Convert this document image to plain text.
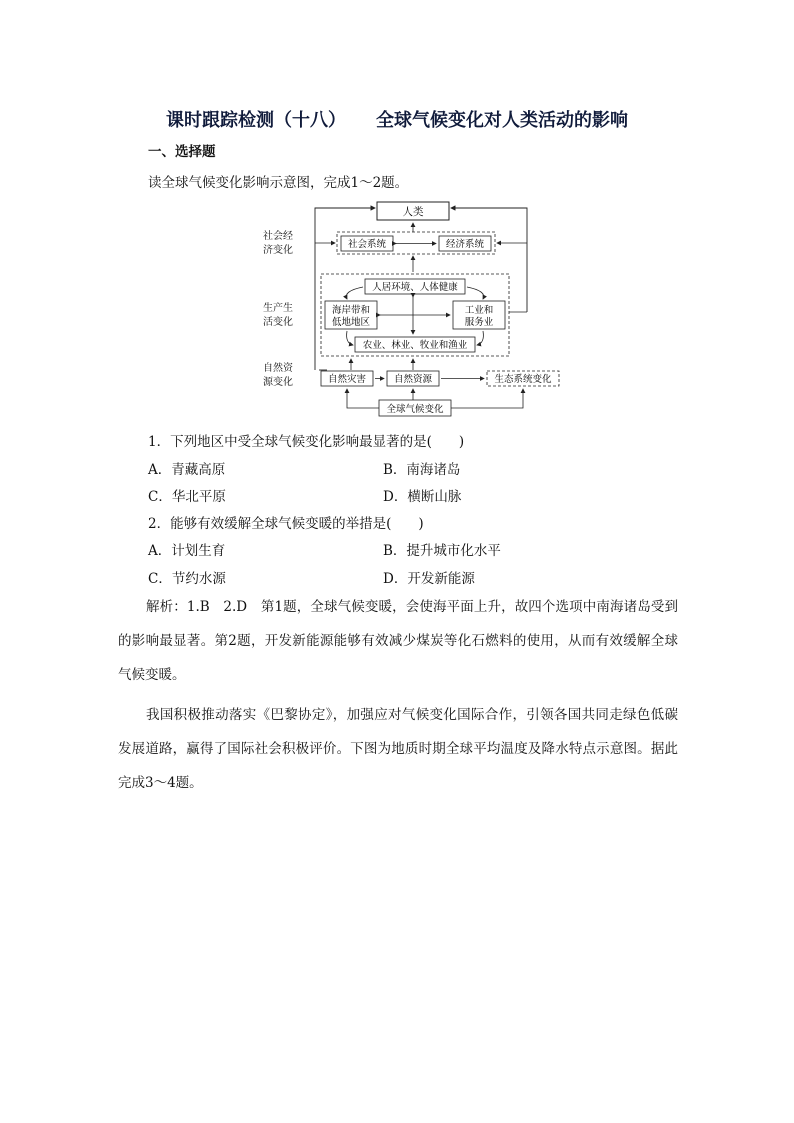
课时跟踪检测（十八） 全球气候变化对人类活动的影响
一、选择题
读全球气候变化影响示意图，完成1～2题。
社会经
济变化
生产生
活变化
自然资
源变化
人类
社会系统	经济系统
人居环境、人体健康
海岸带和
低地地区
工业和
服务业
农业、林业、牧业和渔业
自然灾害	自然资源	生态系统变化
全球气候变化
1．下列地区中受全球气候变化影响最显著的是(　　)
A．青藏高原	B．南海诸岛
C．华北平原	D．横断山脉
2．能够有效缓解全球气候变暖的举措是(　　)
A．计划生育	B．提升城市化水平
C．节约水源	D．开发新能源
解析：1.B　2.D　第1题，全球气候变暖，会使海平面上升，故四个选项中南海诸岛受到的影响最显著。第2题，开发新能源能够有效减少煤炭等化石燃料的使用，从而有效缓解全球气候变暖。
我国积极推动落实《巴黎协定》，加强应对气候变化国际合作，引领各国共同走绿色低碳发展道路，赢得了国际社会积极评价。下图为地质时期全球平均温度及降水特点示意图。据此完成3～4题。
